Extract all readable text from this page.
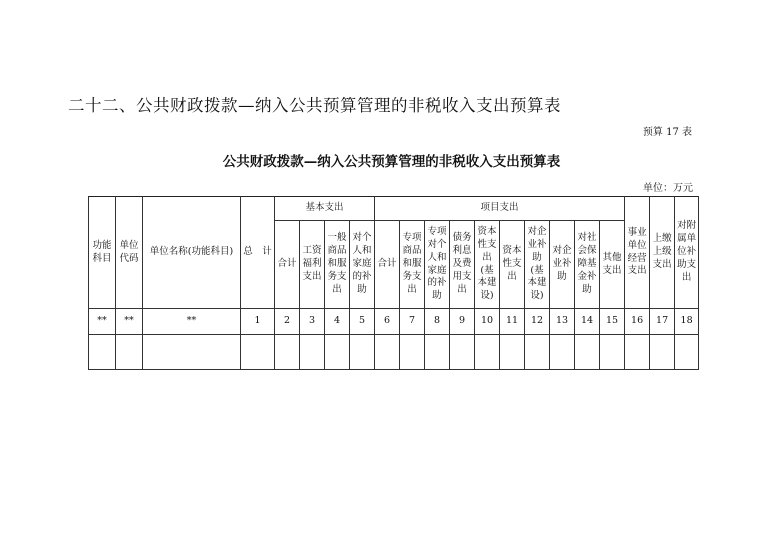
二十二、公共财政拨款—纳入公共预算管理的非税收入支出预算表
预算 17 表
公共财政拨款—纳入公共预算管理的非税收入支出预算表
单位：万元
功能科目	单位代码	单位名称(功能科目)	总　计	基本支出				项目支出										事业单位经营支出	上缴上级支出	对附属单位补助支出
				合计	工资福利支出	一般商品和服务支出	对个人和家庭的补助	合计	专项商品和服务支出	专项对个人和家庭的补助	债务利息及费用支出	资本性支出(基本建设)	资本性支出	对企业补助(基本建设)	对企业补助	对社会保障基金补助	其他支出			
**	**	**	1	2	3	4	5	6	7	8	9	10	11	12	13	14	15	16	17	18
